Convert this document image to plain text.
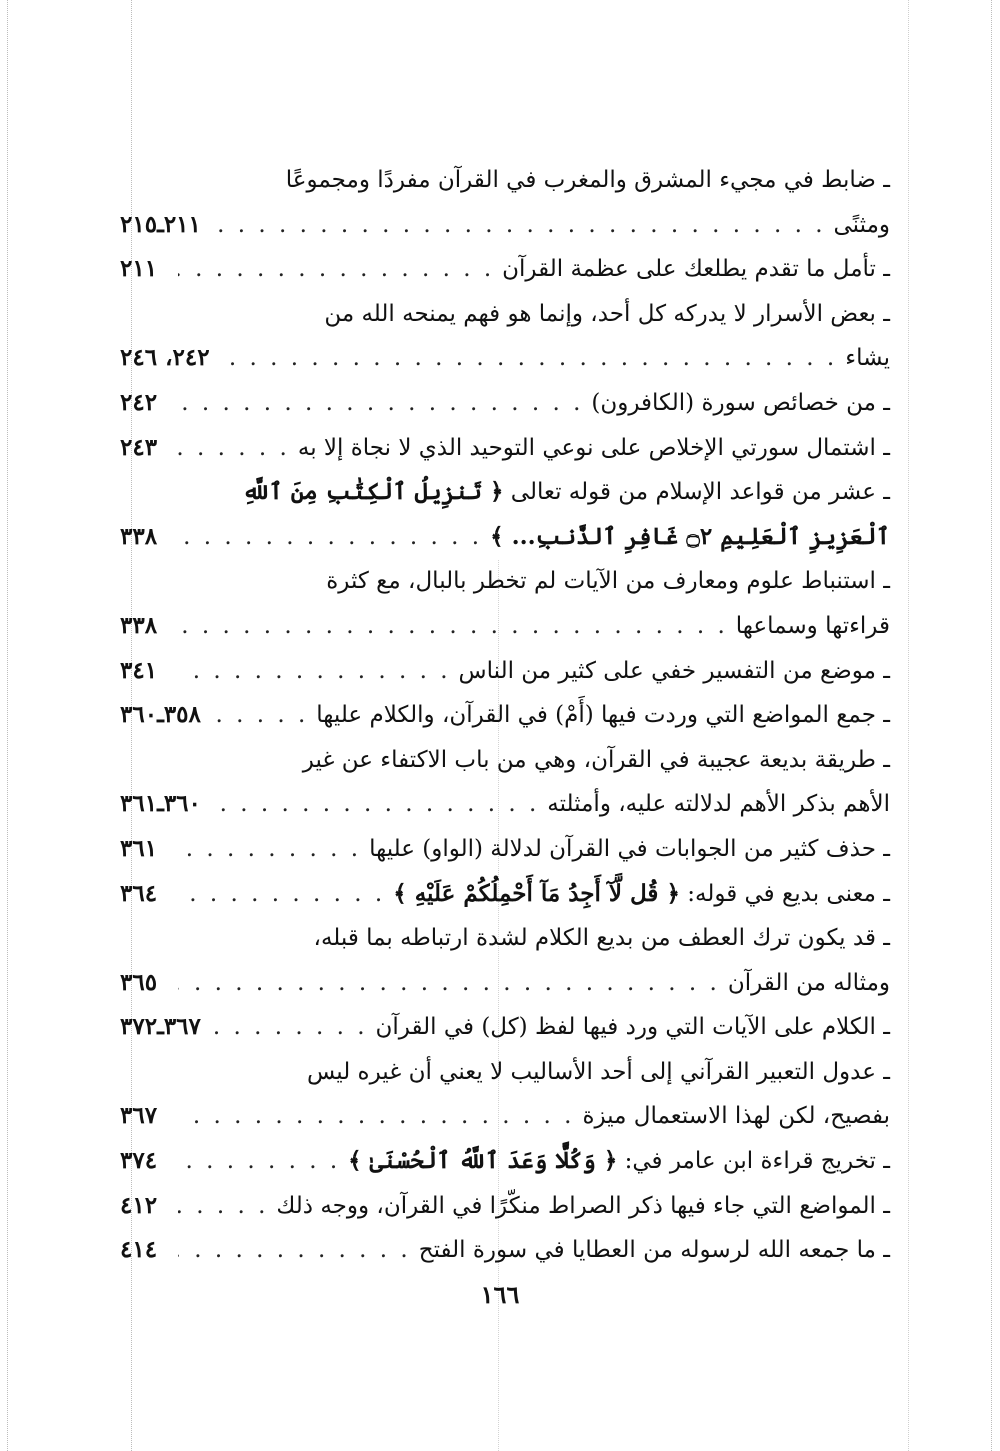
ـ ضابط في مجيء المشرق والمغرب في القرآن مفردًا ومجموعًا
ومثنًى
. . .
٢١١ـ٢١٥
ـ تأمل ما تقدم يطلعك على عظمة القرآن
. . .
٢١١
ـ بعض الأسرار لا يدركه كل أحد، وإنما هو فهم يمنحه الله من
يشاء
. . .
٢٤٢، ٢٤٦
ـ من خصائص سورة (الكافرون)
. . .
٢٤٢
ـ اشتمال سورتي الإخلاص على نوعي التوحيد الذي لا نجاة إلا به
. . .
٢٤٣
ـ عشر من قواعد الإسلام من قوله تعالى ﴿ تَنزِيلُ ٱلْكِتَٰبِ مِنَ ٱللَّهِ
ٱلْعَزِيزِ ٱلْعَلِيمِ ۝٢ غَافِرِ ٱلذَّنبِ... ﴾
. . .
٣٣٨
ـ استنباط علوم ومعارف من الآيات لم تخطر بالبال، مع كثرة
قراءتها وسماعها
. . .
٣٣٨
ـ موضع من التفسير خفي على كثير من الناس
. . .
٣٤١
ـ جمع المواضع التي وردت فيها (أَمْ) في القرآن، والكلام عليها
. . .
٣٥٨ـ٣٦٠
ـ طريقة بديعة عجيبة في القرآن، وهي من باب الاكتفاء عن غير
الأهم بذكر الأهم لدلالته عليه، وأمثلته
. . .
٣٦٠ـ٣٦١
ـ حذف كثير من الجوابات في القرآن لدلالة (الواو) عليها
. . .
٣٦١
ـ معنى بديع في قوله: ﴿ قُل لَّآ أَجِدُ مَآ أَحْمِلُكُمْ عَلَيْهِ ﴾
. . .
٣٦٤
ـ قد يكون ترك العطف من بديع الكلام لشدة ارتباطه بما قبله،
ومثاله من القرآن
. . .
٣٦٥
ـ الكلام على الآيات التي ورد فيها لفظ (كل) في القرآن
. . .
٣٦٧ـ٣٧٢
ـ عدول التعبير القرآني إلى أحد الأساليب لا يعني أن غيره ليس
بفصيح، لكن لهذا الاستعمال ميزة
. . .
٣٦٧
ـ تخريج قراءة ابن عامر في: ﴿ وَكُلًّا وَعَدَ ٱللَّهُ ٱلْحُسْنَىٰ ﴾
. . .
٣٧٤
ـ المواضع التي جاء فيها ذكر الصراط منكّرًا في القرآن، ووجه ذلك
. . .
٤١٢
ـ ما جمعه الله لرسوله من العطايا في سورة الفتح
. . .
٤١٤
١٦٦
